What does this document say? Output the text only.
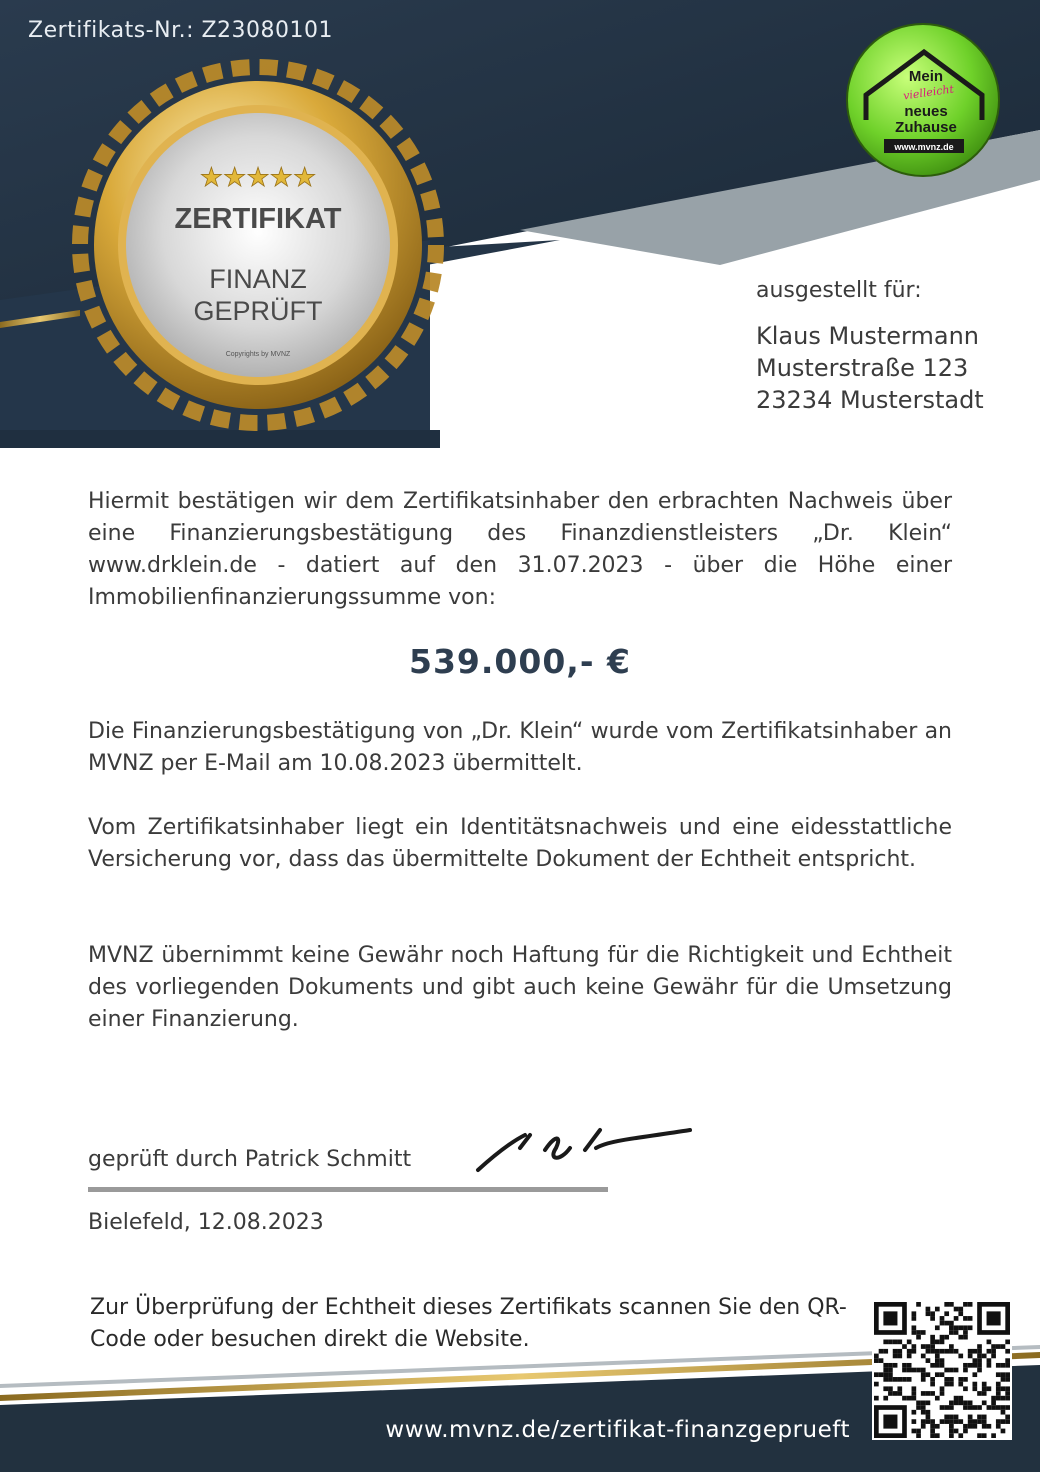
★★★★★
ZERTIFIKAT
FINANZ
GEPRÜFT
Copyrights by MVNZ
Mein
vielleicht
neues
Zuhause
www.mvnz.de
Zertifikats-Nr.: Z23080101
ausgestellt für:
Klaus Mustermann
Musterstraße 123
23234 Musterstadt
Hiermit bestätigen wir dem Zertifikatsinhaber den erbrachten Nachweis über eine Finanzierungsbestätigung des Finanzdienstleisters „Dr. Klein“ www.drklein.de - datiert auf den 31.07.2023 - über die Höhe einer Immobilienfinanzierungssumme von:
539.000,- €
Die Finanzierungsbestätigung von „Dr. Klein“ wurde vom Zertifikatsinhaber an MVNZ per E-Mail am 10.08.2023 übermittelt.
Vom Zertifikatsinhaber liegt ein Identitätsnachweis und eine eidesstattliche Versicherung vor, dass das übermittelte Dokument der Echtheit entspricht.
MVNZ übernimmt keine Gewähr noch Haftung für die Richtigkeit und Echtheit des vorliegenden Dokuments und gibt auch keine Gewähr für die Umsetzung einer Finanzierung.
geprüft durch Patrick Schmitt
Bielefeld, 12.08.2023
Zur Überprüfung der Echtheit dieses Zertifikats scannen Sie den QR-Code oder besuchen direkt die Website.
www.mvnz.de/zertifikat-finanzgeprueft
